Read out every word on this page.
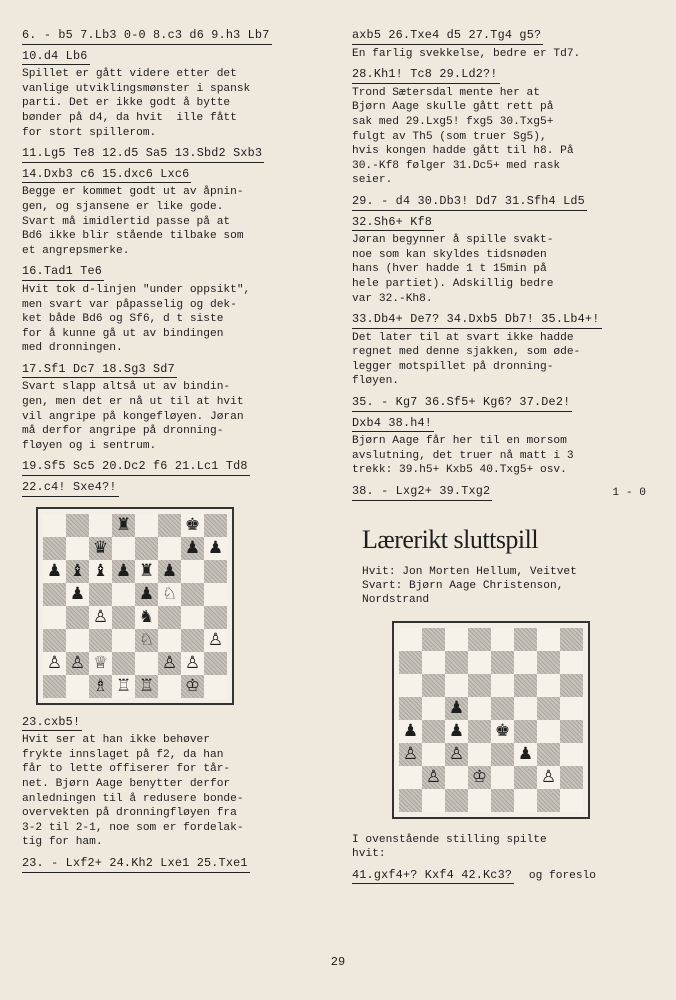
6. - b5 7.Lb3 0-0 8.c3 d6 9.h3 Lb7 10.d4 Lb6
Spillet er gått videre etter det
vanlige utviklingsmønster i spansk
parti. Det er ikke godt å bytte
bønder på d4, da hvit  ille fått
for stort spillerom.
11.Lg5 Te8 12.d5 Sa5 13.Sbd2 Sxb3 14.Dxb3 c6 15.dxc6 Lxc6
Begge er kommet godt ut av åpnin-
gen, og sjansene er like gode.
Svart må imidlertid passe på at
Bd6 ikke blir stående tilbake som
et angrepsmerke.
16.Tad1 Te6
Hvit tok d-linjen "under oppsikt",
men svart var påpasselig og dek-
ket både Bd6 og Sf6, d t siste
for å kunne gå ut av bindingen
med dronningen.
17.Sf1 Dc7 18.Sg3 Sd7
Svart slapp altså ut av bindin-
gen, men det er nå ut til at hvit
vil angripe på kongefløyen. Jøran
må derfor angripe på dronning-
fløyen og i sentrum.
19.Sf5 Sc5 20.Dc2 f6 21.Lc1 Td8 22.c4! Sxe4?!
♜	♚
♛	♟ ♟
♟ ♝ ♝ ♟ ♜ ♟
♟	♟ ♘
♙ ♞
♘	♙
♙ ♙ ♕	♙ ♙
♗ ♖ ♖ ♔
23.cxb5!
Hvit ser at han ikke behøver
frykte innslaget på f2, da han
får to lette offiserer for tår-
net. Bjørn Aage benytter derfor
anledningen til å redusere bonde-
overvekten på dronningfløyen fra
3-2 til 2-1, noe som er fordelak-
tig for ham.
23. - Lxf2+ 24.Kh2 Lxe1 25.Txe1
axb5 26.Txe4 d5 27.Tg4 g5?
En farlig svekkelse, bedre er Td7.
28.Kh1! Tc8 29.Ld2?!
Trond Sætersdal mente her at
Bjørn Aage skulle gått rett på
sak med 29.Lxg5! fxg5 30.Txg5+
fulgt av Th5 (som truer Sg5),
hvis kongen hadde gått til h8. På
30.-Kf8 følger 31.Dc5+ med rask
seier.
29. - d4 30.Db3! Dd7 31.Sfh4 Ld5 32.Sh6+ Kf8
Jøran begynner å spille svakt-
noe som kan skyldes tidsnøden
hans (hver hadde 1 t 15min på
hele partiet). Adskillig bedre
var 32.-Kh8.
33.Db4+ De7? 34.Dxb5 Db7! 35.Lb4+!
Det later til at svart ikke hadde
regnet med denne sjakken, som øde-
legger motspillet på dronning-
fløyen.
35. - Kg7 36.Sf5+ Kg6? 37.De2! Dxb4 38.h4!
Bjørn Aage får her til en morsom
avslutning, det truer nå matt i 3
trekk: 39.h5+ Kxb5 40.Txg5+ osv.
38. - Lxg2+ 39.Txg2	1 - 0
Lærerikt sluttspill
Hvit: Jon Morten Hellum, Veitvet
Svart: Bjørn Aage Christenson,
Nordstrand
♟
♟ ♟ ♚
♙ ♙	♟
♙ ♔	♙
I ovenstående stilling spilte
hvit:
41.gxf4+? Kxf4 42.Kc3? og foreslo
29
